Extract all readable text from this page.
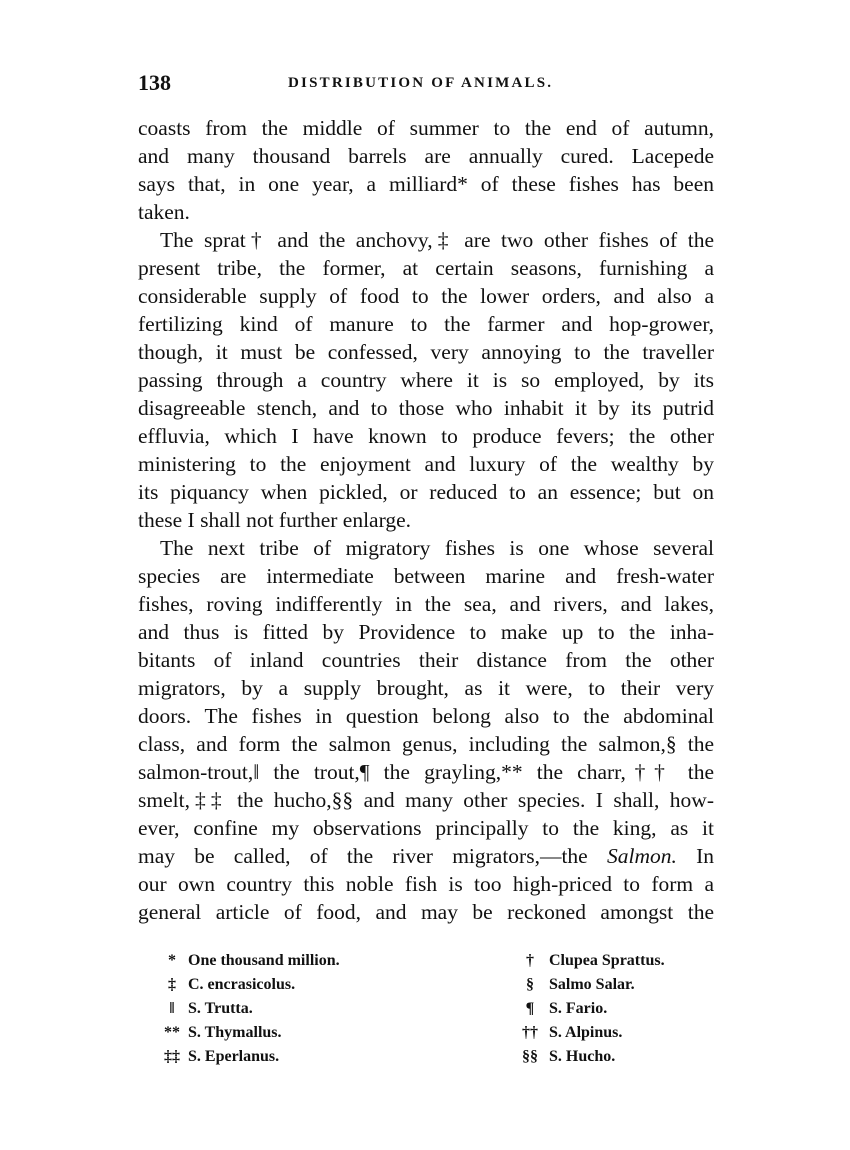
138	DISTRIBUTION OF ANIMALS.
coasts from the middle of summer to the end of autumn,
and many thousand barrels are annually cured. Lacepede
says that, in one year, a milliard* of these fishes has been
taken.
The sprat† and the anchovy,‡ are two other fishes of the
present tribe, the former, at certain seasons, furnishing a
considerable supply of food to the lower orders, and also a
fertilizing kind of manure to the farmer and hop-grower,
though, it must be confessed, very annoying to the traveller
passing through a country where it is so employed, by its
disagreeable stench, and to those who inhabit it by its putrid
effluvia, which I have known to produce fevers; the other
ministering to the enjoyment and luxury of the wealthy by
its piquancy when pickled, or reduced to an essence; but on
these I shall not further enlarge.
The next tribe of migratory fishes is one whose several
species are intermediate between marine and fresh-water
fishes, roving indifferently in the sea, and rivers, and lakes,
and thus is fitted by Providence to make up to the inha-
bitants of inland countries their distance from the other
migrators, by a supply brought, as it were, to their very
doors. The fishes in question belong also to the abdominal
class, and form the salmon genus, including the salmon,§ the
salmon-trout,‖ the trout,¶ the grayling,** the charr,†† the
smelt,‡‡ the hucho,§§ and many other species. I shall, how-
ever, confine my observations principally to the king, as it
may be called, of the river migrators,—the Salmon. In
our own country this noble fish is too high-priced to form a
general article of food, and may be reckoned amongst the
* One thousand million.	† Clupea Sprattus.
‡ C. encrasicolus.	§ Salmo Salar.
‖ S. Trutta.	¶ S. Fario.
** S. Thymallus.	†† S. Alpinus.
‡‡ S. Eperlanus.	§§ S. Hucho.
